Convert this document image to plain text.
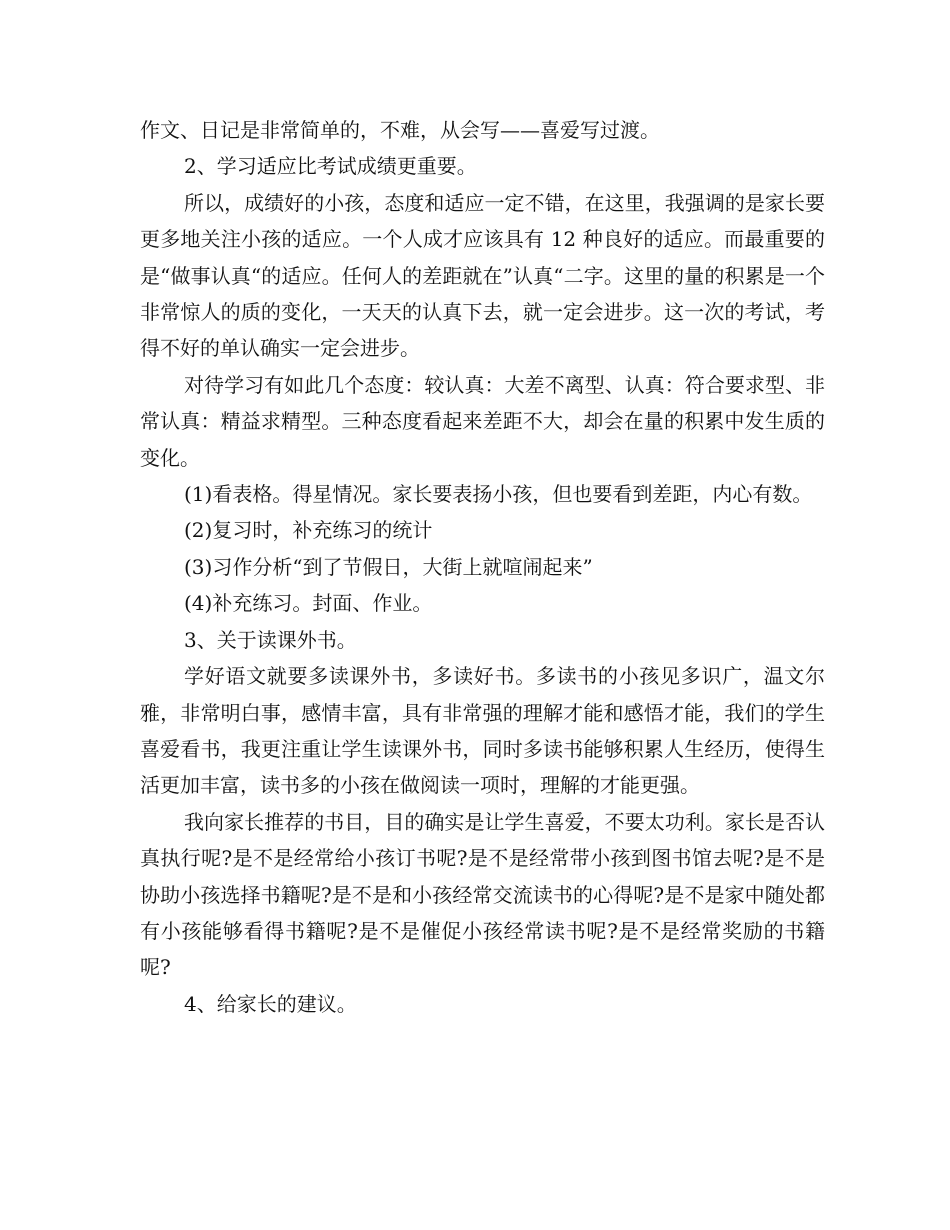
作文、日记是非常简单的，不难，从会写——喜爱写过渡。

2、学习适应比考试成绩更重要。

所以，成绩好的小孩，态度和适应一定不错，在这里，我强调的是家长要更多地关注小孩的适应。一个人成才应该具有 12 种良好的适应。而最重要的是“做事认真“的适应。任何人的差距就在”认真“二字。这里的量的积累是一个非常惊人的质的变化，一天天的认真下去，就一定会进步。这一次的考试，考得不好的单认确实一定会进步。

对待学习有如此几个态度：较认真：大差不离型、认真：符合要求型、非常认真：精益求精型。三种态度看起来差距不大，却会在量的积累中发生质的变化。

(1)看表格。得星情况。家长要表扬小孩，但也要看到差距，内心有数。

(2)复习时，补充练习的统计

(3)习作分析“到了节假日，大街上就喧闹起来”

(4)补充练习。封面、作业。

3、关于读课外书。

学好语文就要多读课外书，多读好书。多读书的小孩见多识广，温文尔雅，非常明白事，感情丰富，具有非常强的理解才能和感悟才能，我们的学生喜爱看书，我更注重让学生读课外书，同时多读书能够积累人生经历，使得生活更加丰富，读书多的小孩在做阅读一项时，理解的才能更强。

我向家长推荐的书目，目的确实是让学生喜爱，不要太功利。家长是否认真执行呢?是不是经常给小孩订书呢?是不是经常带小孩到图书馆去呢?是不是协助小孩选择书籍呢?是不是和小孩经常交流读书的心得呢?是不是家中随处都有小孩能够看得书籍呢?是不是催促小孩经常读书呢?是不是经常奖励的书籍呢?

4、给家长的建议。
